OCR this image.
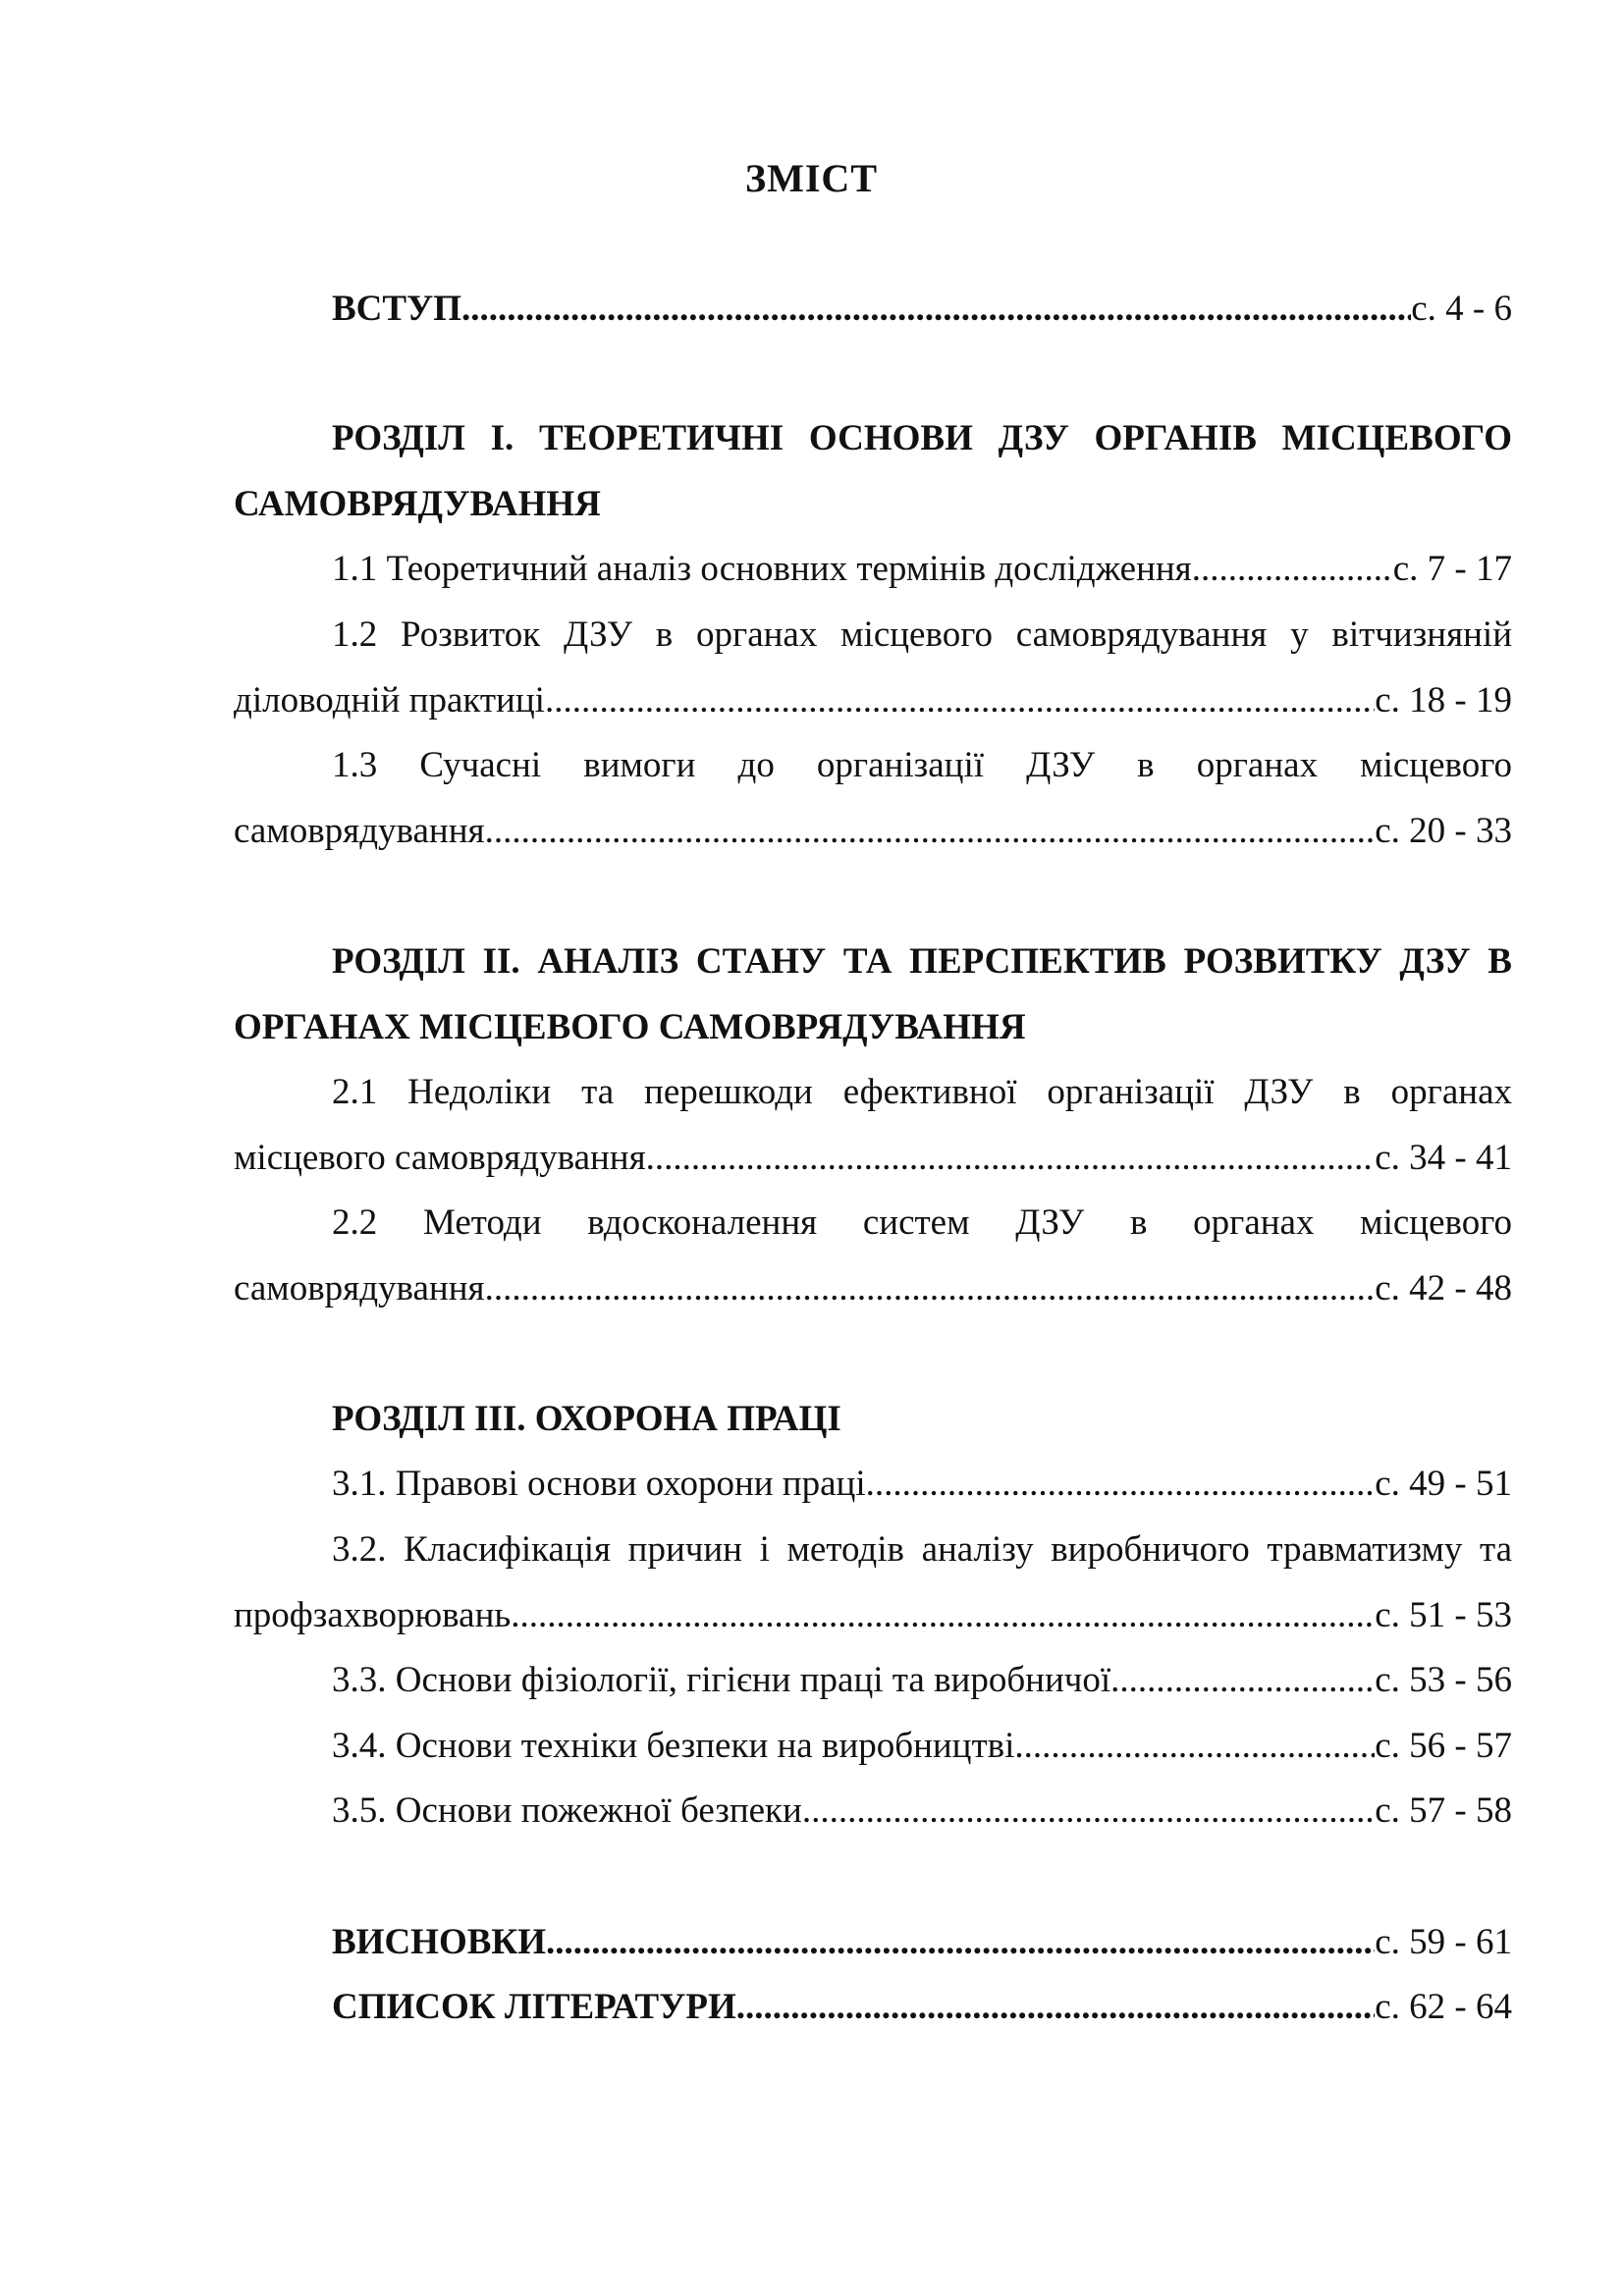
ЗМІСТ
ВСТУП .....	с. 4 - 6
РОЗДІЛ І. ТЕОРЕТИЧНІ ОСНОВИ ДЗУ ОРГАНІВ МІСЦЕВОГО
САМОВРЯДУВАННЯ
1.1 Теоретичний аналіз основних термінів дослідження .....	с. 7 - 17
1.2 Розвиток ДЗУ в органах місцевого самоврядування у вітчизняній
діловодній практиці .....	с. 18 - 19
1.3 Сучасні вимоги до організації ДЗУ в органах місцевого
самоврядування .....	с. 20 - 33
РОЗДІЛ ІІ. АНАЛІЗ СТАНУ ТА ПЕРСПЕКТИВ РОЗВИТКУ ДЗУ В
ОРГАНАХ МІСЦЕВОГО САМОВРЯДУВАННЯ
2.1 Недоліки та перешкоди ефективної організації ДЗУ в органах
місцевого самоврядування .....	с. 34 - 41
2.2 Методи вдосконалення систем ДЗУ в органах місцевого
самоврядування .....	с. 42 - 48
РОЗДІЛ ІІІ. ОХОРОНА ПРАЦІ
3.1. Правові основи охорони праці .....	с. 49 - 51
3.2. Класифікація причин і методів аналізу виробничого травматизму та
профзахворювань .....	с. 51 - 53
3.3. Основи фізіології, гігієни праці та виробничої .....	с. 53 - 56
3.4. Основи техніки безпеки на виробництві .....	с. 56 - 57
3.5. Основи пожежної безпеки .....	с. 57 - 58
ВИСНОВКИ .....	с. 59 - 61
СПИСОК ЛІТЕРАТУРИ .....	с. 62 - 64
